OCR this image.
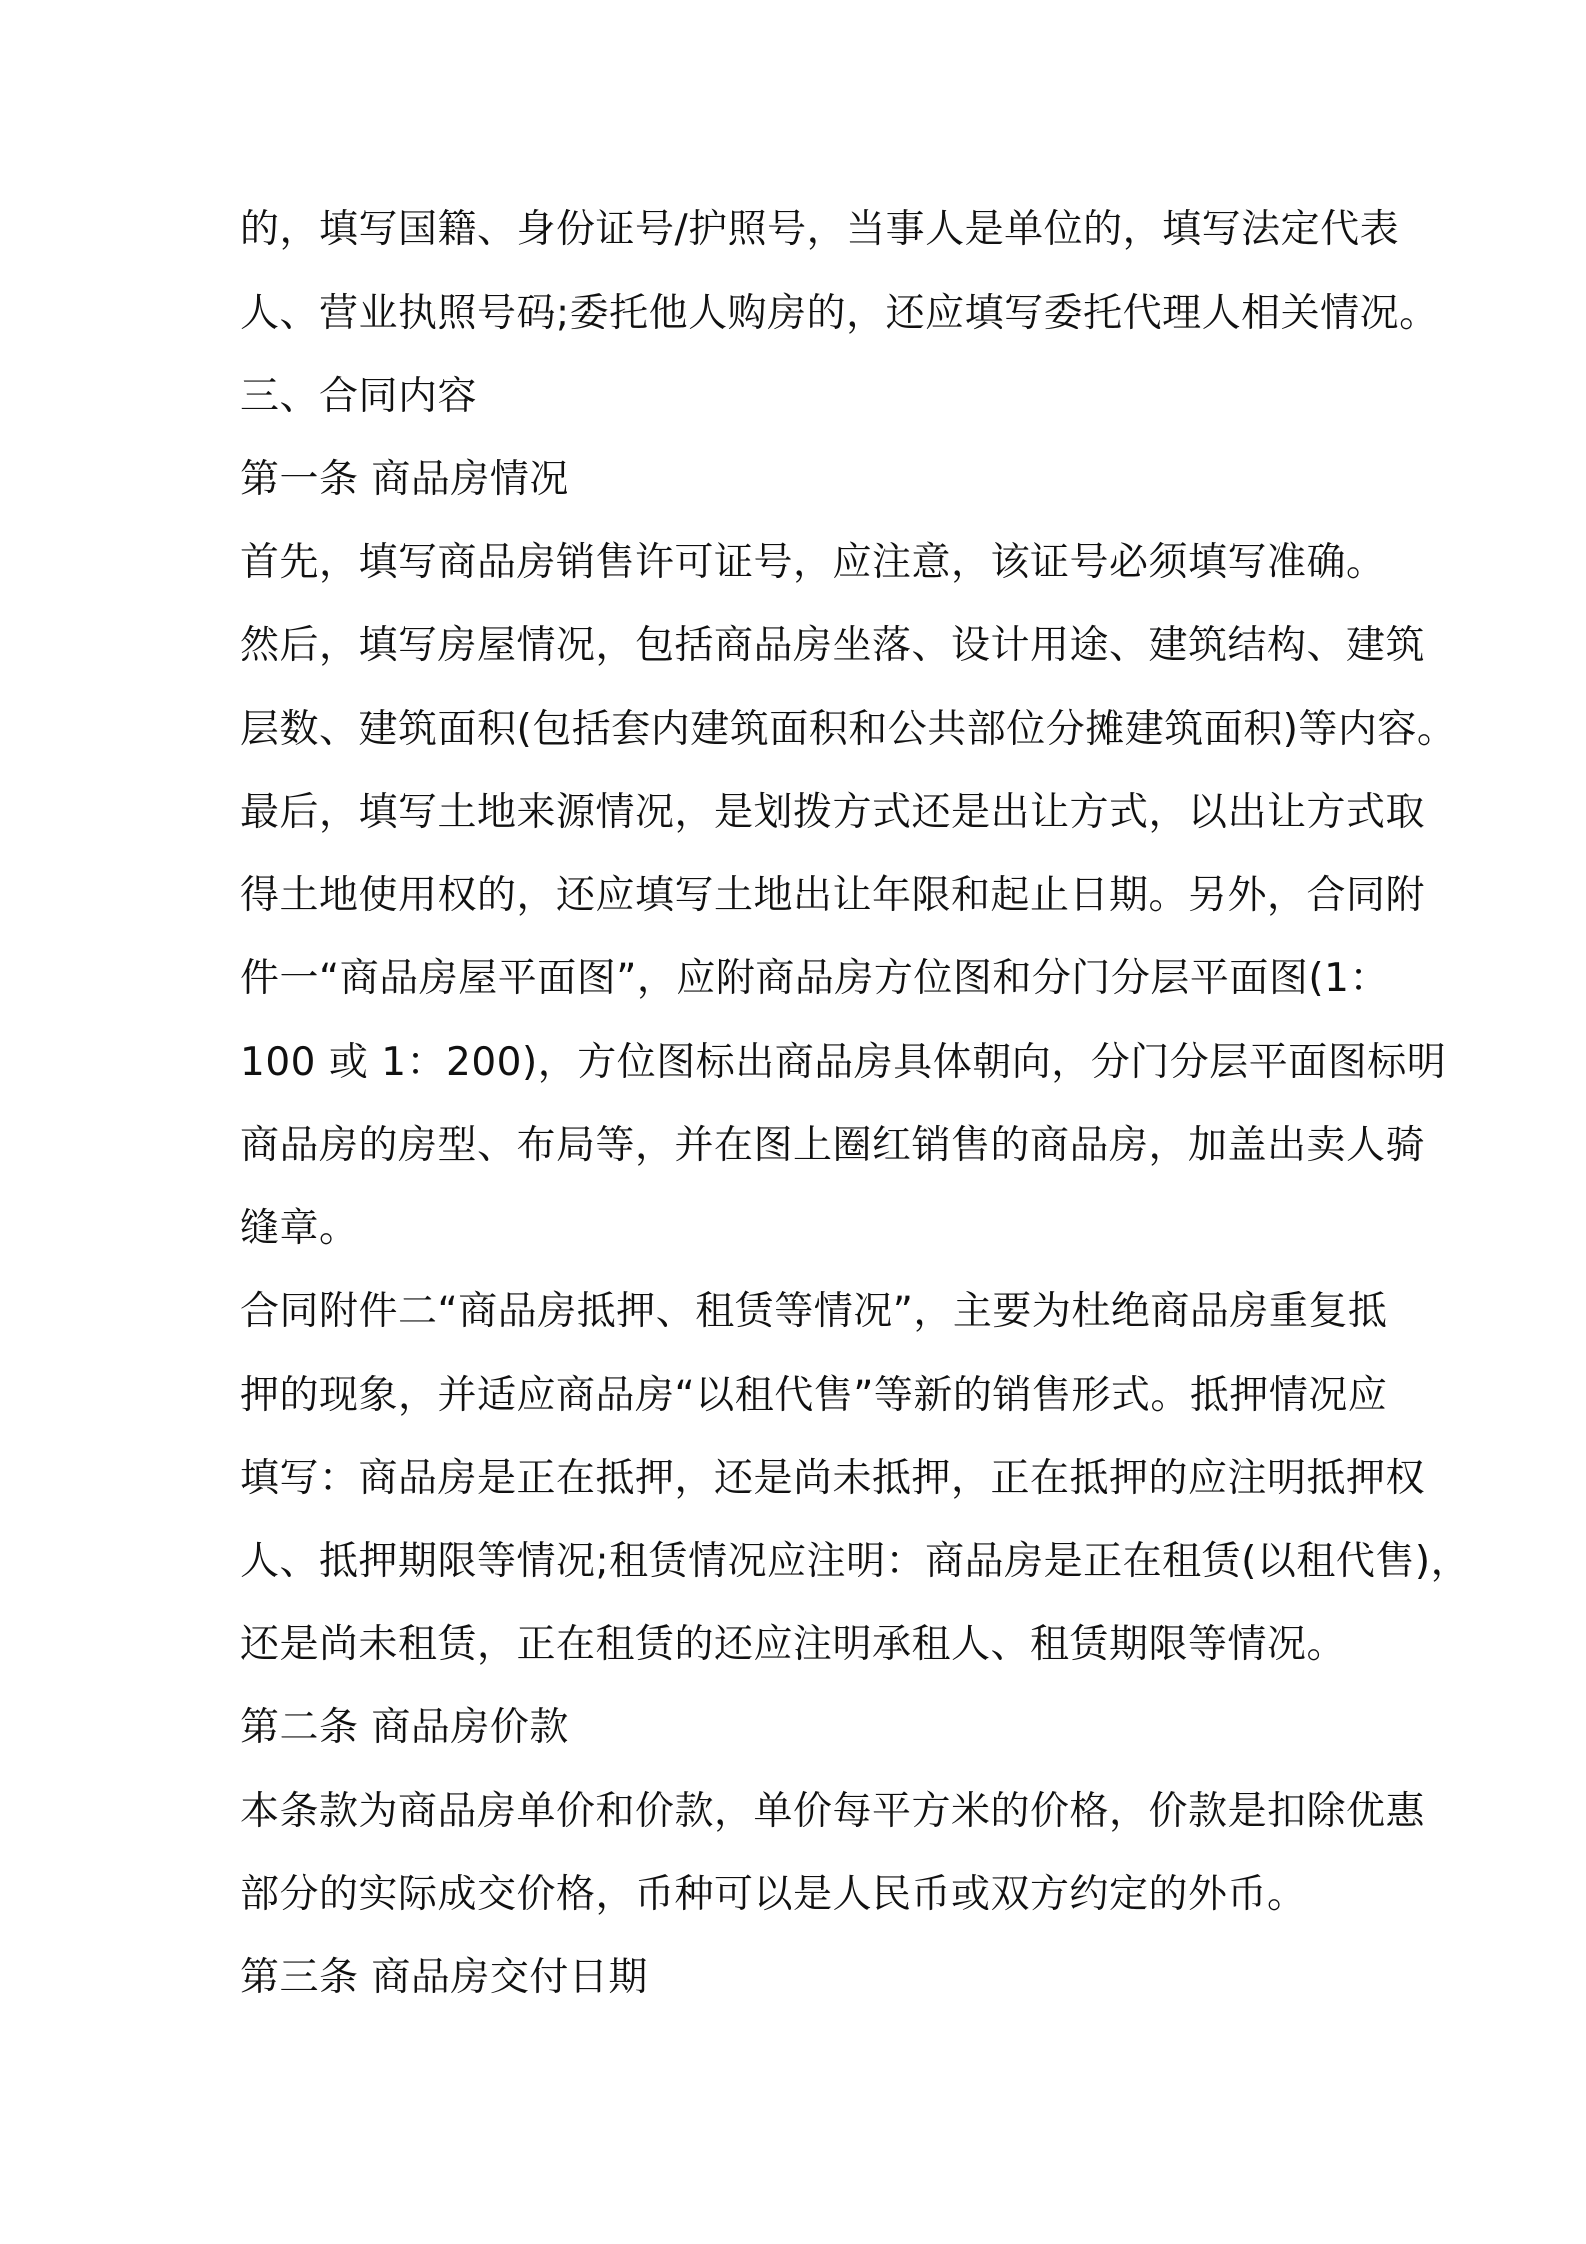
的，填写国籍、身份证号/护照号，当事人是单位的，填写法定代表
人、营业执照号码;委托他人购房的，还应填写委托代理人相关情况。
三、合同内容
第一条 商品房情况
首先，填写商品房销售许可证号，应注意，该证号必须填写准确。
然后，填写房屋情况，包括商品房坐落、设计用途、建筑结构、建筑
层数、建筑面积(包括套内建筑面积和公共部位分摊建筑面积)等内容。
最后，填写土地来源情况，是划拨方式还是出让方式，以出让方式取
得土地使用权的，还应填写土地出让年限和起止日期。另外，合同附
件一“商品房屋平面图”，应附商品房方位图和分门分层平面图(1：
100 或 1：200)，方位图标出商品房具体朝向，分门分层平面图标明
商品房的房型、布局等，并在图上圈红销售的商品房，加盖出卖人骑
缝章。
合同附件二“商品房抵押、租赁等情况”，主要为杜绝商品房重复抵
押的现象，并适应商品房“以租代售”等新的销售形式。抵押情况应
填写：商品房是正在抵押，还是尚未抵押，正在抵押的应注明抵押权
人、抵押期限等情况;租赁情况应注明：商品房是正在租赁(以租代售)，
还是尚未租赁，正在租赁的还应注明承租人、租赁期限等情况。
第二条 商品房价款
本条款为商品房单价和价款，单价每平方米的价格，价款是扣除优惠
部分的实际成交价格，币种可以是人民币或双方约定的外币。
第三条 商品房交付日期
